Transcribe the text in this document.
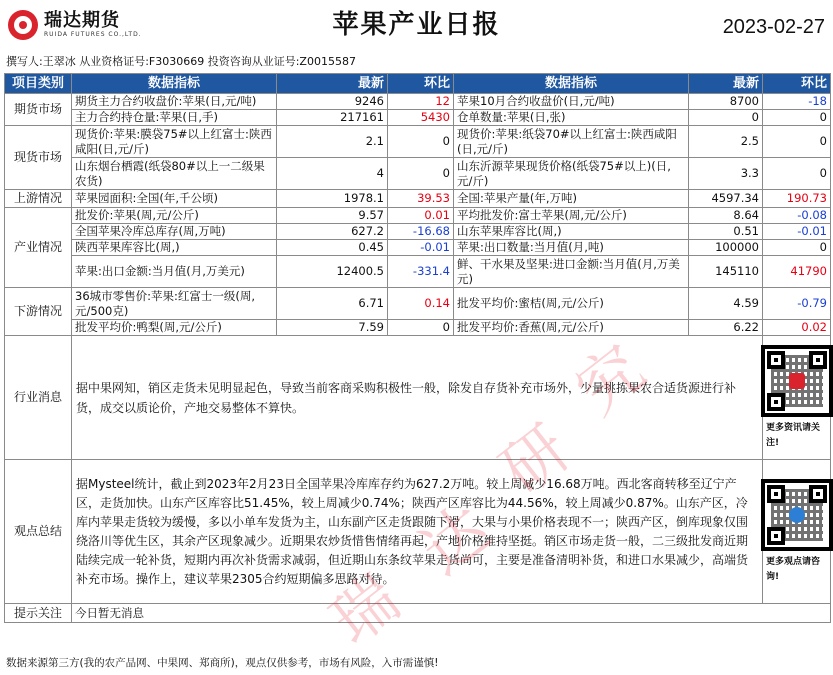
瑞达期货
RUIDA FUTURES CO.,LTD.	苹果产业日报	2023-02-27
撰写人:王翠冰 从业资格证号:F3030669 投资咨询从业证号:Z0015587
项目类别	数据指标	最新	环比	数据指标	最新	环比
期货市场	期货主力合约收盘价:苹果(日,元/吨)	9246	12	苹果10月合约收盘价(日,元/吨)	8700	-18
	主力合约持仓量:苹果(日,手)	217161	5430	仓单数量:苹果(日,张)	0	0
现货市场	现货价:苹果:膜袋75#以上红富士:陕西咸阳(日,元/斤)	2.1	0	现货价:苹果:纸袋70#以上红富士:陕西咸阳(日,元/斤)	2.5	0
	山东烟台栖霞(纸袋80#以上一二级果农货)	4	0	山东沂源苹果现货价格(纸袋75#以上)(日,元/斤)	3.3	0
上游情况	苹果园面积:全国(年,千公顷)	1978.1	39.53	全国:苹果产量(年,万吨)	4597.34	190.73
产业情况	批发价:苹果(周,元/公斤)	9.57	0.01	平均批发价:富士苹果(周,元/公斤)	8.64	-0.08
	全国苹果冷库总库存(周,万吨)	627.2	-16.68	山东苹果库容比(周,)	0.51	-0.01
	陕西苹果库容比(周,)	0.45	-0.01	苹果:出口数量:当月值(月,吨)	100000	0
	苹果:出口金额:当月值(月,万美元)	12400.5	-331.4	鲜、干水果及坚果:进口金额:当月值(月,万美元)	145110	41790
下游情况	36城市零售价:苹果:红富士一级(周,元/500克)	6.71	0.14	批发平均价:蜜桔(周,元/公斤)	4.59	-0.79
	批发平均价:鸭梨(周,元/公斤)	7.59	0	批发平均价:香蕉(周,元/公斤)	6.22	0.02
行业消息	据中果网知，销区走货未见明显起色，导致当前客商采购积极性一般，除发自存货补充市场外，少量挑拣果农合适货源进行补货，成交以质论价，产地交易整体不算快。					更多资讯请关注!

观点总结	据Mysteel统计，截止到2023年2月23日全国苹果冷库库存约为627.2万吨。较上周减少16.68万吨。西北客商转移至辽宁产区，走货加快。山东产区库容比51.45%，较上周减少0.74%；陕西产区库容比为44.56%，较上周减少0.87%。山东产区，冷库内苹果走货较为缓慢，多以小单车发货为主，山东副产区走货跟随下滑，大果与小果价格表现不一；陕西产区，倒库现象仅围绕洛川等优生区，其余产区现象减少。近期果农炒货惜售情绪再起，产地价格维持坚挺。销区市场走货一般，二三级批发商近期陆续完成一轮补货，短期内再次补货需求减弱，但近期山东条纹苹果走货尚可，主要是准备清明补货，和进口水果减少，高端货补充市场。操作上，建议苹果2305合约短期偏多思路对待。					更多观点请咨询!

提示关注	今日暂无消息					
数据来源第三方(我的农产品网、中果网、郑商所)，观点仅供参考，市场有风险，入市需谨慎!
瑞
达
研
究
